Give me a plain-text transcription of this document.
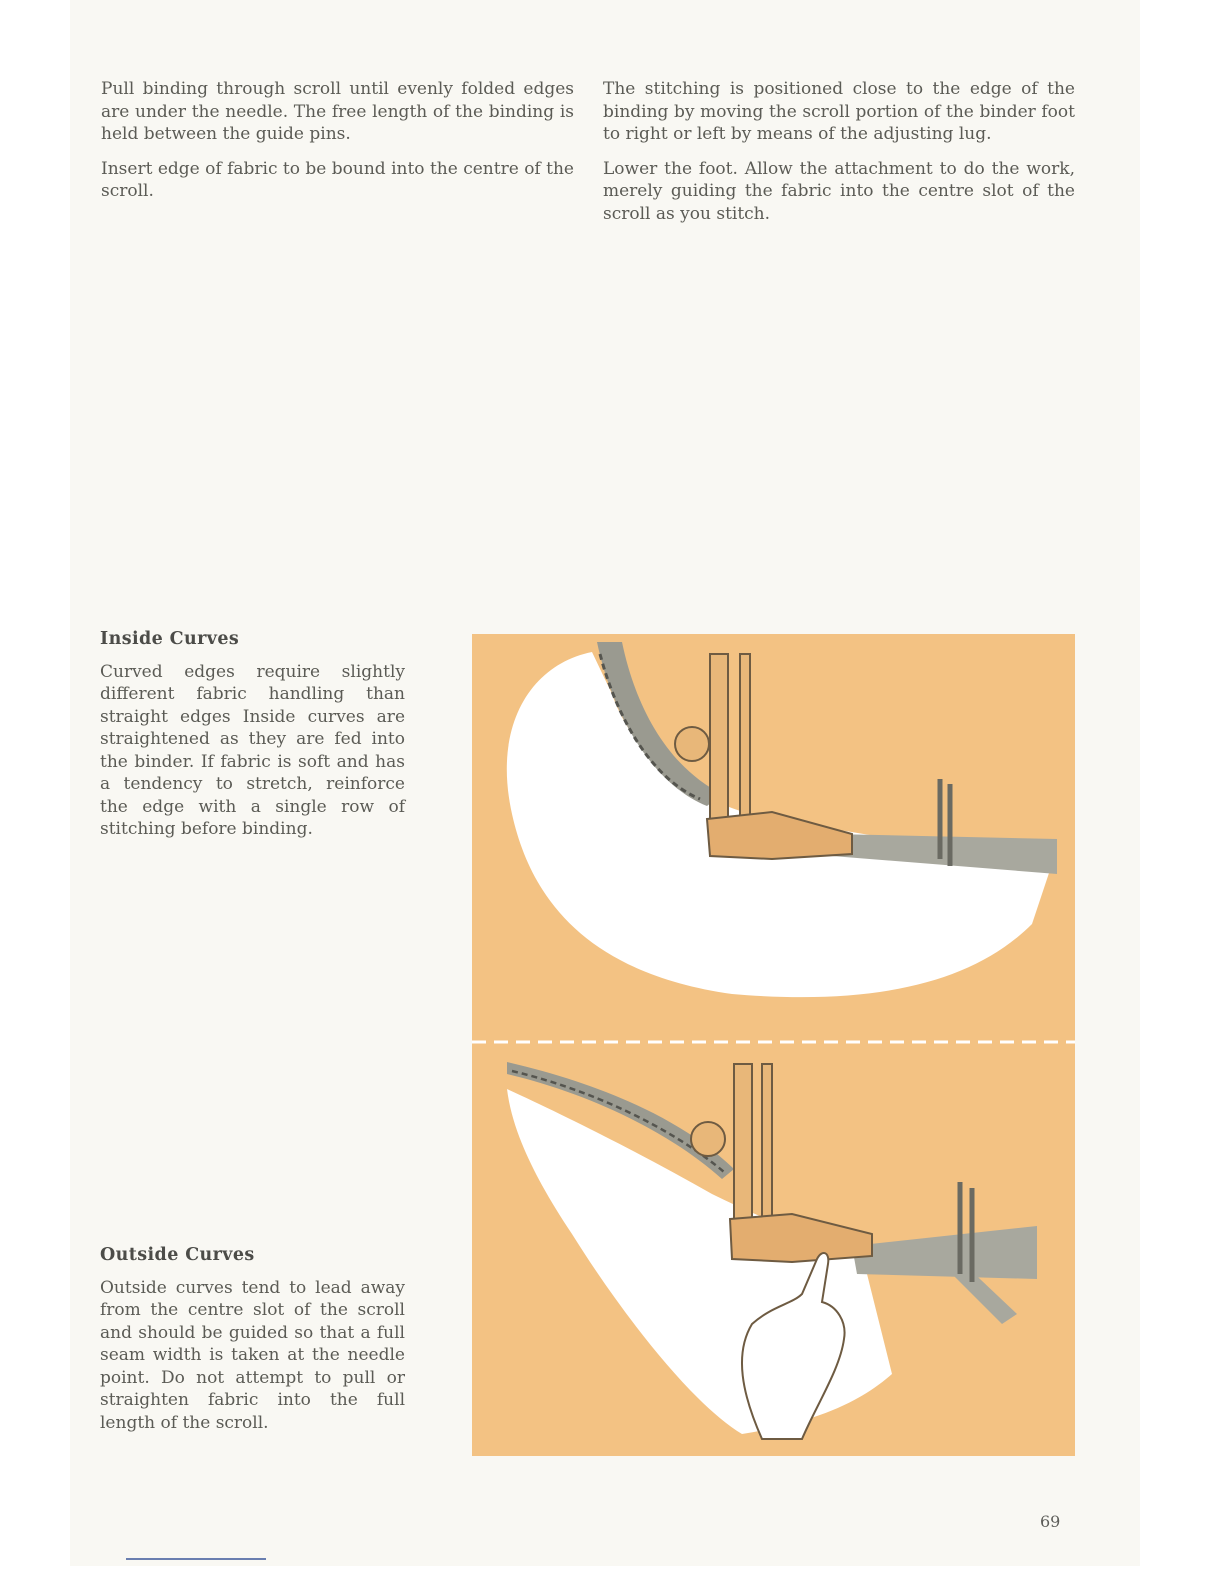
Pull binding through scroll until evenly folded edges are under the needle. The free length of the binding is held between the guide pins.

Insert edge of fabric to be bound into the centre of the scroll.

The stitching is positioned close to the edge of the binding by moving the scroll portion of the binder foot to right or left by means of the adjusting lug.

Lower the foot. Allow the attachment to do the work, merely guiding the fabric into the centre slot of the scroll as you stitch.

Inside Curves

Curved edges require slightly different fabric handling than straight edges Inside curves are straightened as they are fed into the binder. If fabric is soft and has a tendency to stretch, reinforce the edge with a single row of stitching before binding.

Outside Curves

Outside curves tend to lead away from the centre slot of the scroll and should be guided so that a full seam width is taken at the needle point. Do not attempt to pull or straighten fabric into the full length of the scroll.

69
